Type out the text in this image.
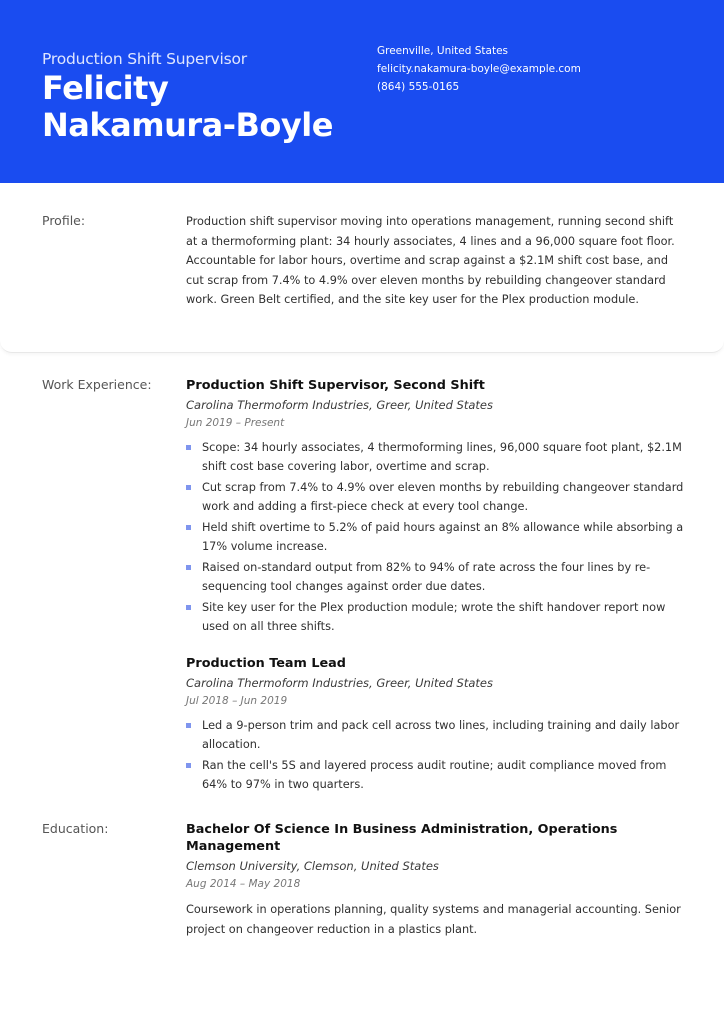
Production Shift Supervisor
Felicity Nakamura-Boyle
Greenville, United States
felicity.nakamura-boyle@example.com
(864) 555-0165
Profile:	Production shift supervisor moving into operations management, running second shift at a thermoforming plant: 34 hourly associates, 4 lines and a 96,000 square foot floor. Accountable for labor hours, overtime and scrap against a $2.1M shift cost base, and cut scrap from 7.4% to 4.9% over eleven months by rebuilding changeover standard work. Green Belt certified, and the site key user for the Plex production module.
Work Experience:	Production Shift Supervisor, Second Shift
Carolina Thermoform Industries, Greer, United States
Jun 2019 – Present
Scope: 34 hourly associates, 4 thermoforming lines, 96,000 square foot plant, $2.1M shift cost base covering labor, overtime and scrap.
Cut scrap from 7.4% to 4.9% over eleven months by rebuilding changeover standard work and adding a first-piece check at every tool change.
Held shift overtime to 5.2% of paid hours against an 8% allowance while absorbing a 17% volume increase.
Raised on-standard output from 82% to 94% of rate across the four lines by re-sequencing tool changes against order due dates.
Site key user for the Plex production module; wrote the shift handover report now used on all three shifts.
Production Team Lead
Carolina Thermoform Industries, Greer, United States
Jul 2018 – Jun 2019
Led a 9-person trim and pack cell across two lines, including training and daily labor allocation.
Ran the cell's 5S and layered process audit routine; audit compliance moved from 64% to 97% in two quarters.
Education:	Bachelor Of Science In Business Administration, Operations Management
Clemson University, Clemson, United States
Aug 2014 – May 2018
Coursework in operations planning, quality systems and managerial accounting. Senior project on changeover reduction in a plastics plant.
